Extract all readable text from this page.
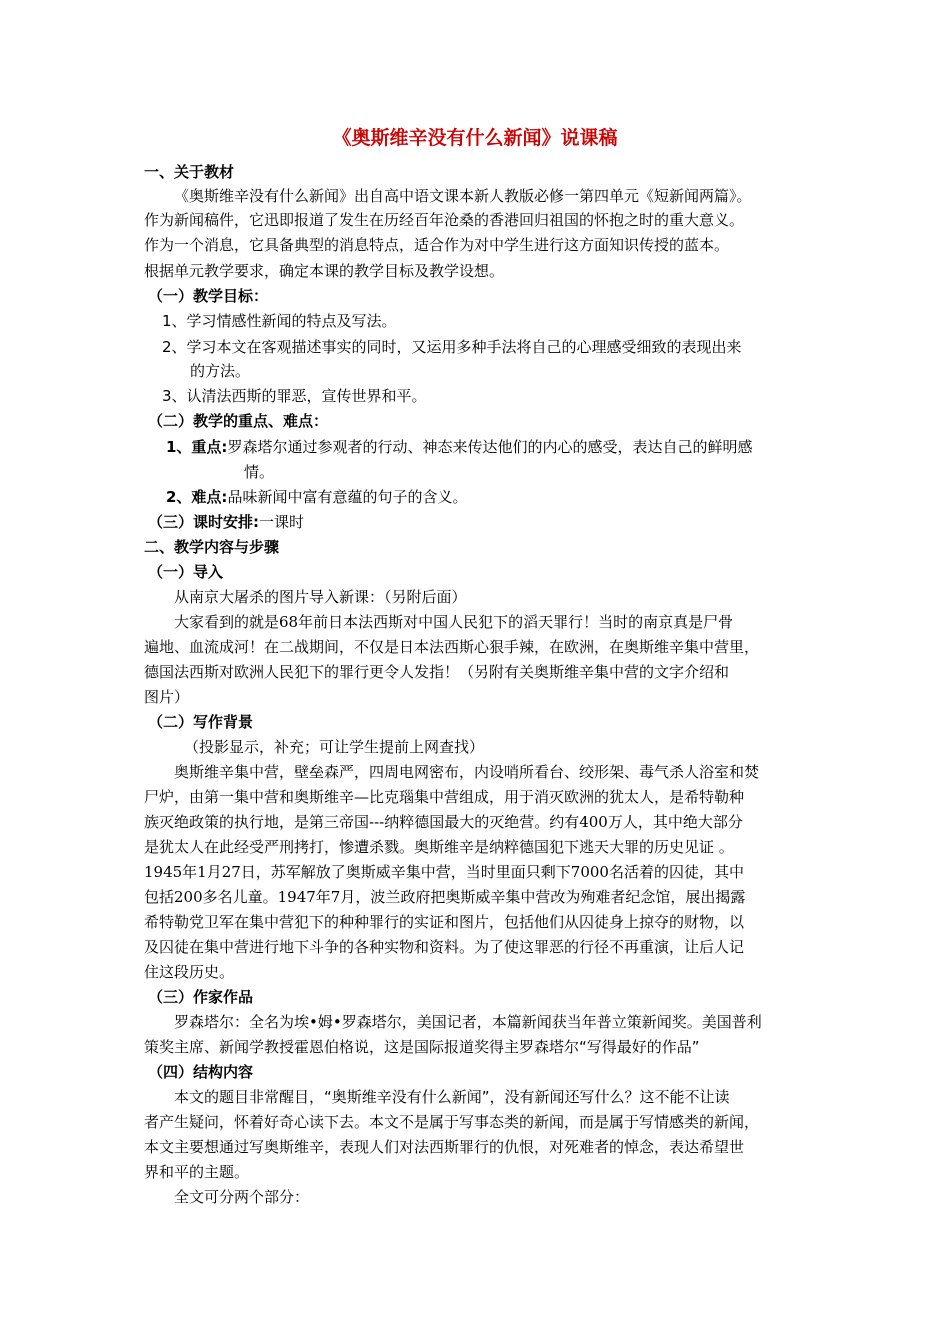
《奥斯维辛没有什么新闻》说课稿
一、关于教材
《奥斯维辛没有什么新闻》出自高中语文课本新人教版必修一第四单元《短新闻两篇》。
作为新闻稿件，它迅即报道了发生在历经百年沧桑的香港回归祖国的怀抱之时的重大意义。
作为一个消息，它具备典型的消息特点，适合作为对中学生进行这方面知识传授的蓝本。
根据单元教学要求，确定本课的教学目标及教学设想。
（一）教学目标：
1、学习情感性新闻的特点及写法。
2、学习本文在客观描述事实的同时，又运用多种手法将自己的心理感受细致的表现出来
的方法。
3、认清法西斯的罪恶，宣传世界和平。
（二）教学的重点、难点：
1、重点:罗森塔尔通过参观者的行动、神态来传达他们的内心的感受，表达自己的鲜明感
情。
2、难点:品味新闻中富有意蕴的句子的含义。
（三）课时安排:一课时
二、教学内容与步骤
（一）导入
从南京大屠杀的图片导入新课：（另附后面）
大家看到的就是68年前日本法西斯对中国人民犯下的滔天罪行！当时的南京真是尸骨
遍地、血流成河！在二战期间，不仅是日本法西斯心狠手辣，在欧洲，在奥斯维辛集中营里，
德国法西斯对欧洲人民犯下的罪行更令人发指！（另附有关奥斯维辛集中营的文字介绍和
图片）
（二）写作背景
（投影显示，补充；可让学生提前上网查找）
奥斯维辛集中营，壁垒森严，四周电网密布，内设哨所看台、绞形架、毒气杀人浴室和焚
尸炉，由第一集中营和奥斯维辛—比克瑙集中营组成，用于消灭欧洲的犹太人，是希特勒种
族灭绝政策的执行地，是第三帝国---纳粹德国最大的灭绝营。约有400万人，其中绝大部分
是犹太人在此经受严刑拷打，惨遭杀戮。奥斯维辛是纳粹德国犯下逃天大罪的历史见证 。
1945年1月27日，苏军解放了奥斯威辛集中营，当时里面只剩下7000名活着的囚徒，其中
包括200多名儿童。1947年7月，波兰政府把奥斯威辛集中营改为殉难者纪念馆，展出揭露
希特勒党卫军在集中营犯下的种种罪行的实证和图片，包括他们从囚徒身上掠夺的财物，以
及囚徒在集中营进行地下斗争的各种实物和资料。为了使这罪恶的行径不再重演，让后人记
住这段历史。
（三）作家作品
罗森塔尔：全名为埃•姆•罗森塔尔，美国记者，本篇新闻获当年普立策新闻奖。美国普利
策奖主席、新闻学教授霍恩伯格说，这是国际报道奖得主罗森塔尔“写得最好的作品”
（四）结构内容
本文的题目非常醒目，“奥斯维辛没有什么新闻”，没有新闻还写什么？这不能不让读
者产生疑问，怀着好奇心读下去。本文不是属于写事态类的新闻，而是属于写情感类的新闻，
本文主要想通过写奥斯维辛，表现人们对法西斯罪行的仇恨，对死难者的悼念，表达希望世
界和平的主题。
全文可分两个部分：
